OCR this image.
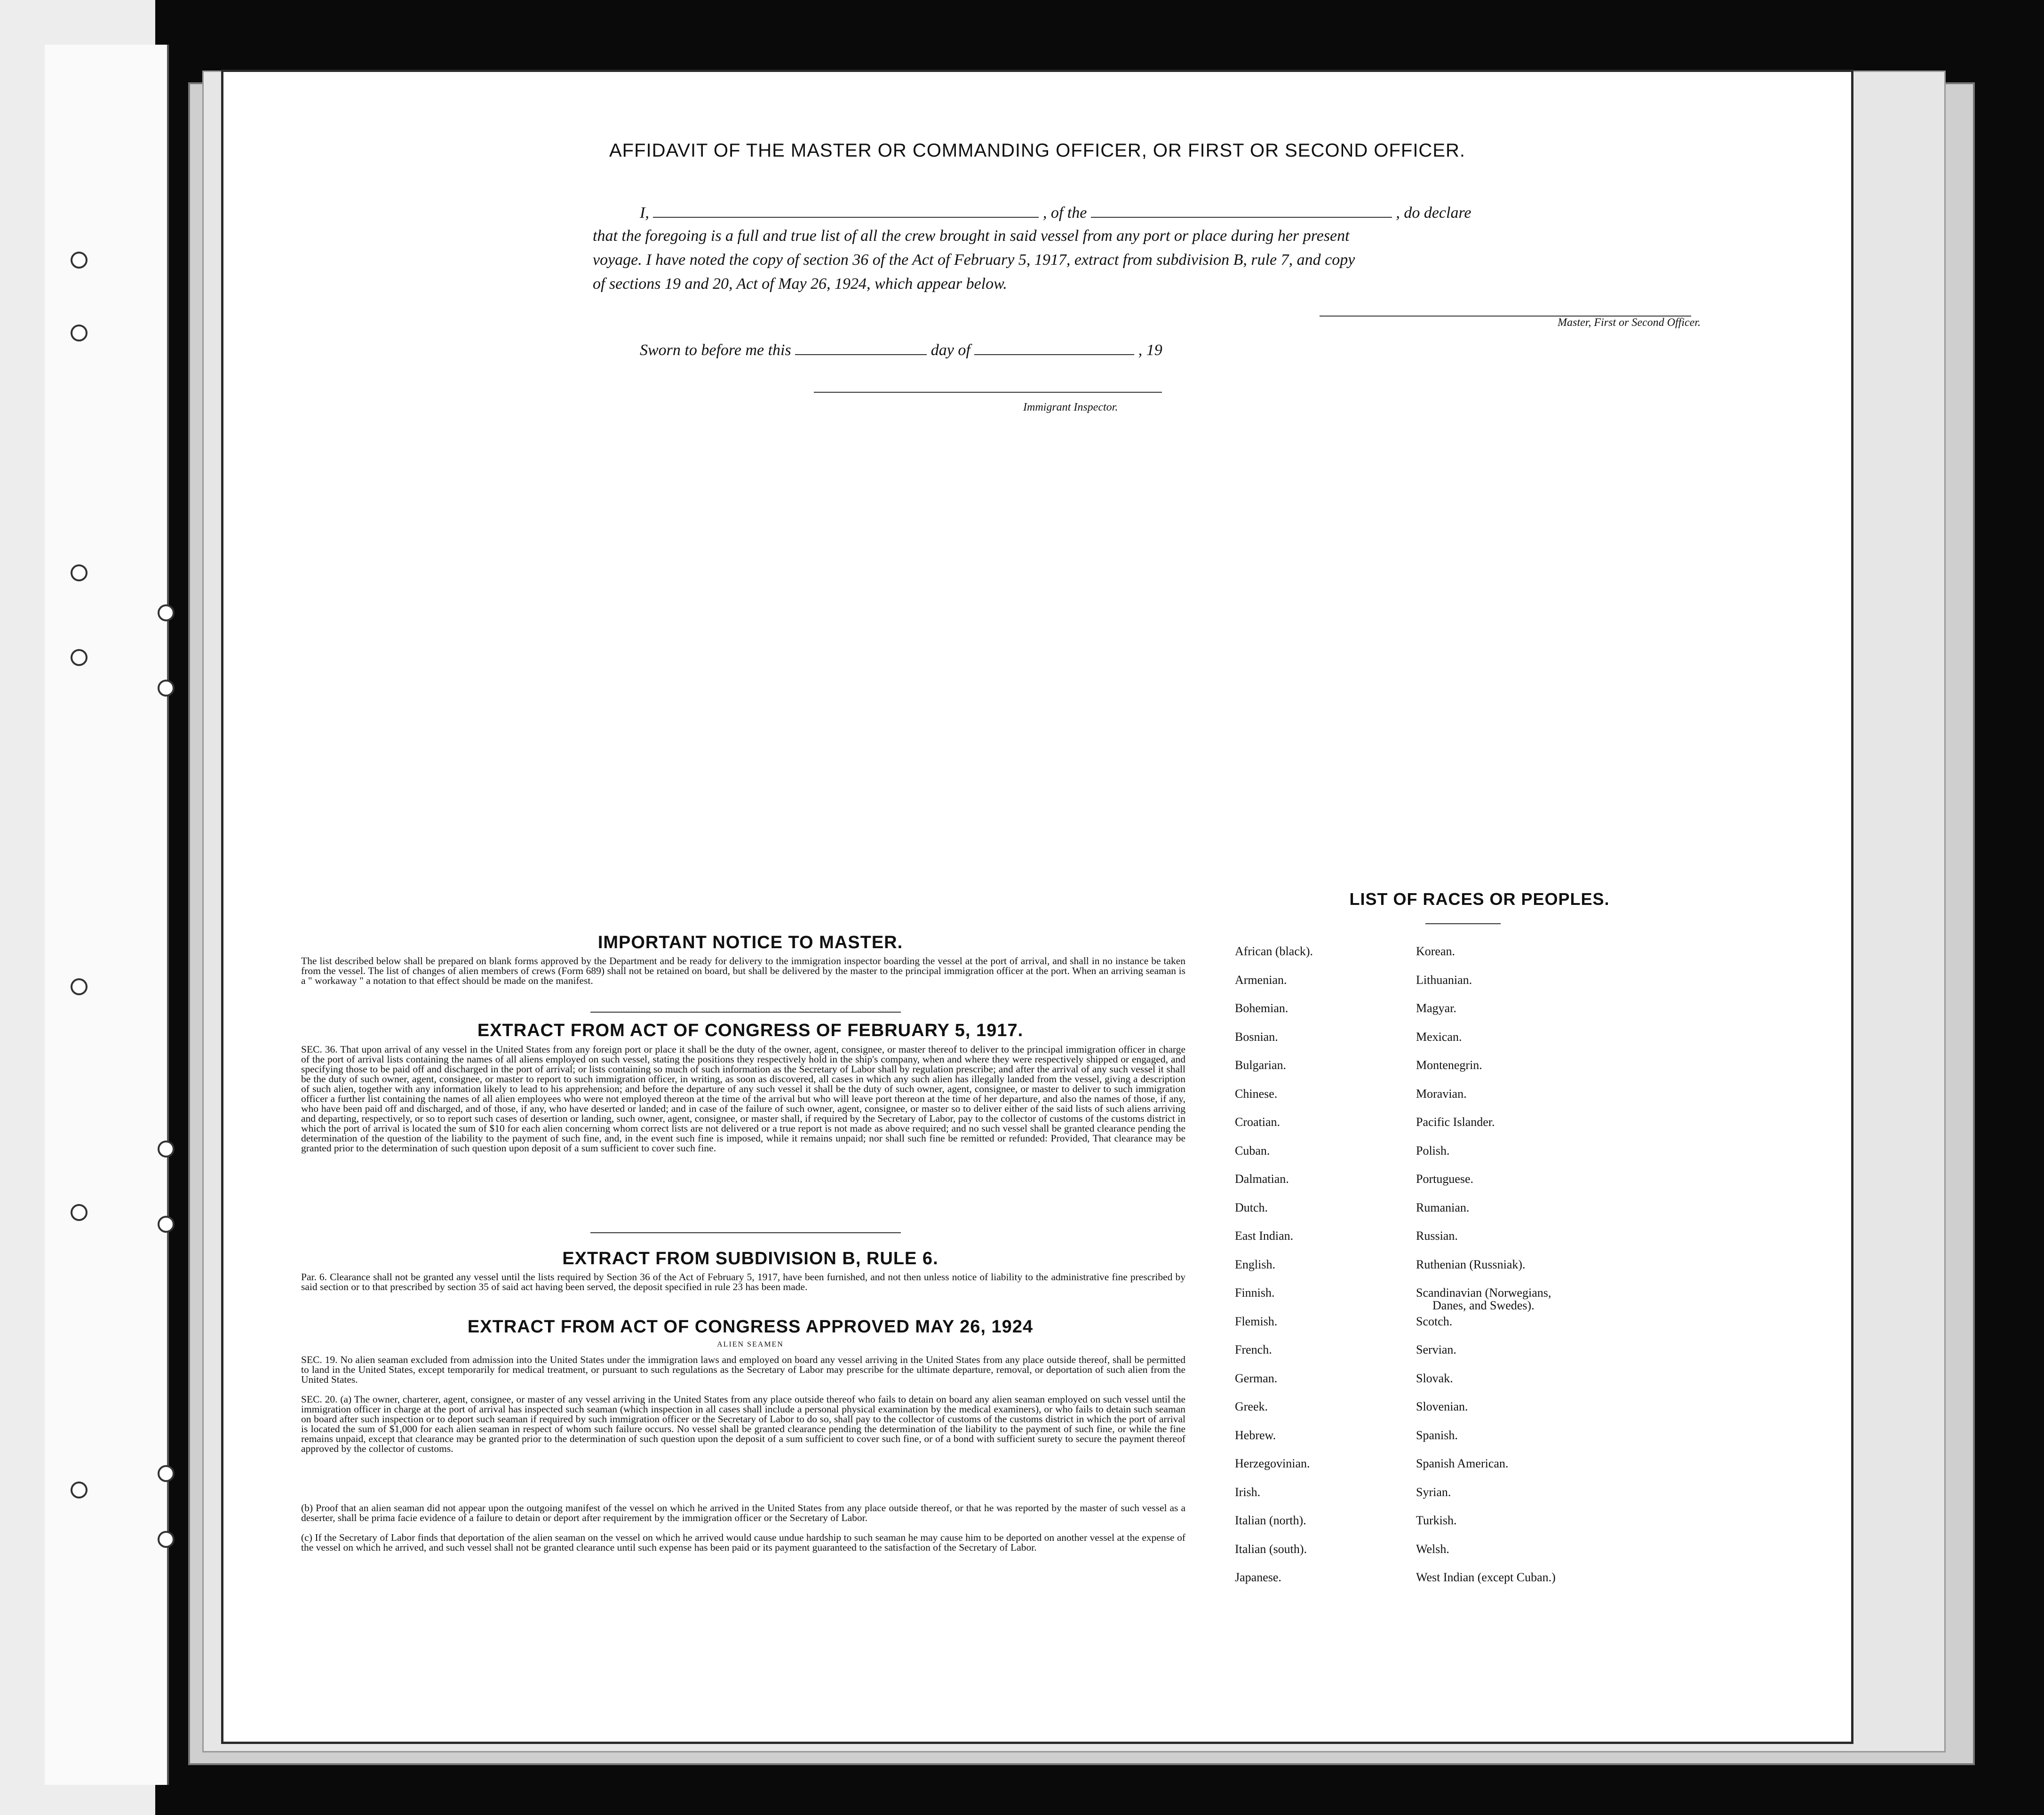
AFFIDAVIT OF THE MASTER OR COMMANDING OFFICER, OR FIRST OR SECOND OFFICER.
I,	, of the	, do declare
that the foregoing is a full and true list of all the crew brought in said vessel from any port or place during her present
voyage. I have noted the copy of section 36 of the Act of February 5, 1917, extract from subdivision B, rule 7, and copy
of sections 19 and 20, Act of May 26, 1924, which appear below.
Master, First or Second Officer.
Sworn to before me this	day of	, 19
Immigrant Inspector.
IMPORTANT NOTICE TO MASTER.
The list described below shall be prepared on blank forms approved by the Department and be ready for delivery to the immigration inspector boarding the vessel at the port of arrival, and shall in no instance be taken from the vessel. The list of changes of alien members of crews (Form 689) shall not be retained on board, but shall be delivered by the master to the principal immigration officer at the port. When an arriving seaman is a " workaway " a notation to that effect should be made on the manifest.
EXTRACT FROM ACT OF CONGRESS OF FEBRUARY 5, 1917.
SEC. 36. That upon arrival of any vessel in the United States from any foreign port or place it shall be the duty of the owner, agent, consignee, or master thereof to deliver to the principal immigration officer in charge of the port of arrival lists containing the names of all aliens employed on such vessel, stating the positions they respectively hold in the ship's company, when and where they were respectively shipped or engaged, and specifying those to be paid off and discharged in the port of arrival; or lists containing so much of such information as the Secretary of Labor shall by regulation prescribe; and after the arrival of any such vessel it shall be the duty of such owner, agent, consignee, or master to report to such immigration officer, in writing, as soon as discovered, all cases in which any such alien has illegally landed from the vessel, giving a description of such alien, together with any information likely to lead to his apprehension; and before the departure of any such vessel it shall be the duty of such owner, agent, consignee, or master to deliver to such immigration officer a further list containing the names of all alien employees who were not employed thereon at the time of the arrival but who will leave port thereon at the time of her departure, and also the names of those, if any, who have been paid off and discharged, and of those, if any, who have deserted or landed; and in case of the failure of such owner, agent, consignee, or master so to deliver either of the said lists of such aliens arriving and departing, respectively, or so to report such cases of desertion or landing, such owner, agent, consignee, or master shall, if required by the Secretary of Labor, pay to the collector of customs of the customs district in which the port of arrival is located the sum of $10 for each alien concerning whom correct lists are not delivered or a true report is not made as above required; and no such vessel shall be granted clearance pending the determination of the question of the liability to the payment of such fine, and, in the event such fine is imposed, while it remains unpaid; nor shall such fine be remitted or refunded: Provided, That clearance may be granted prior to the determination of such question upon deposit of a sum sufficient to cover such fine.
EXTRACT FROM SUBDIVISION B, RULE 6.
Par. 6. Clearance shall not be granted any vessel until the lists required by Section 36 of the Act of February 5, 1917, have been furnished, and not then unless notice of liability to the administrative fine prescribed by said section or to that prescribed by section 35 of said act having been served, the deposit specified in rule 23 has been made.
EXTRACT FROM ACT OF CONGRESS APPROVED MAY 26, 1924
ALIEN SEAMEN
SEC. 19. No alien seaman excluded from admission into the United States under the immigration laws and employed on board any vessel arriving in the United States from any place outside thereof, shall be permitted to land in the United States, except temporarily for medical treatment, or pursuant to such regulations as the Secretary of Labor may prescribe for the ultimate departure, removal, or deportation of such alien from the United States.
SEC. 20. (a) The owner, charterer, agent, consignee, or master of any vessel arriving in the United States from any place outside thereof who fails to detain on board any alien seaman employed on such vessel until the immigration officer in charge at the port of arrival has inspected such seaman (which inspection in all cases shall include a personal physical examination by the medical examiners), or who fails to detain such seaman on board after such inspection or to deport such seaman if required by such immigration officer or the Secretary of Labor to do so, shall pay to the collector of customs of the customs district in which the port of arrival is located the sum of $1,000 for each alien seaman in respect of whom such failure occurs. No vessel shall be granted clearance pending the determination of the liability to the payment of such fine, or while the fine remains unpaid, except that clearance may be granted prior to the determination of such question upon the deposit of a sum sufficient to cover such fine, or of a bond with sufficient surety to secure the payment thereof approved by the collector of customs.
(b) Proof that an alien seaman did not appear upon the outgoing manifest of the vessel on which he arrived in the United States from any place outside thereof, or that he was reported by the master of such vessel as a deserter, shall be prima facie evidence of a failure to detain or deport after requirement by the immigration officer or the Secretary of Labor.
(c) If the Secretary of Labor finds that deportation of the alien seaman on the vessel on which he arrived would cause undue hardship to such seaman he may cause him to be deported on another vessel at the expense of the vessel on which he arrived, and such vessel shall not be granted clearance until such expense has been paid or its payment guaranteed to the satisfaction of the Secretary of Labor.
LIST OF RACES OR PEOPLES.
African (black).
Armenian.
Bohemian.
Bosnian.
Bulgarian.
Chinese.
Croatian.
Cuban.
Dalmatian.
Dutch.
East Indian.
English.
Finnish.
Flemish.
French.
German.
Greek.
Hebrew.
Herzegovinian.
Irish.
Italian (north).
Italian (south).
Japanese.
Korean.
Lithuanian.
Magyar.
Mexican.
Montenegrin.
Moravian.
Pacific Islander.
Polish.
Portuguese.
Rumanian.
Russian.
Ruthenian (Russniak).
Scandinavian (Norwegians,
Danes, and Swedes).
Scotch.
Servian.
Slovak.
Slovenian.
Spanish.
Spanish American.
Syrian.
Turkish.
Welsh.
West Indian (except Cuban.)
